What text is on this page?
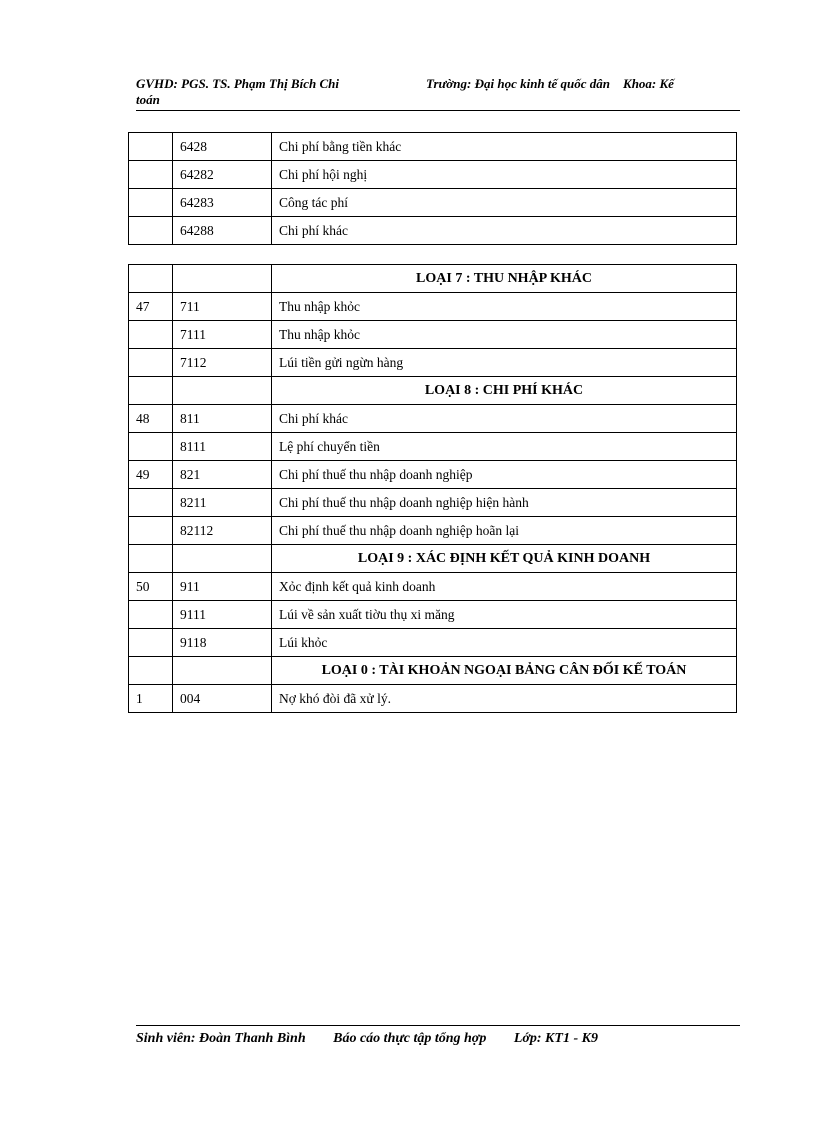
GVHD: PGS. TS. Phạm Thị Bích Chi	Trường: Đại học kinh tế quốc dân    Khoa: Kế
toán
	6428	Chi phí bằng tiền khác
	64282	Chi phí hội nghị
	64283	Công tác phí
	64288	Chi phí khác
		LOẠI 7 : THU NHẬP KHÁC
47	711	Thu nhập khỏc
	7111	Thu nhập khỏc
	7112	Lúi tiền gửi ngừn hàng
		LOẠI 8 : CHI PHÍ KHÁC
48	811	Chi phí khác
	8111	Lệ phí chuyển tiền
49	821	Chi phí thuế thu nhập doanh nghiệp
	8211	Chi phí thuế thu nhập doanh nghiệp hiện hành
	82112	Chi phí thuế thu nhập doanh nghiệp hoãn lại
		LOẠI 9 : XÁC ĐỊNH KẾT QUẢ KINH DOANH
50	911	Xỏc định kết quả kinh doanh
	9111	Lúi về sản xuất tiờu thụ xi măng
	9118	Lúi khỏc
		LOẠI 0 : TÀI KHOẢN NGOẠI BẢNG CÂN ĐỐI KẾ TOÁN
1	004	Nợ khó đòi đã xử lý.
Sinh viên: Đoàn Thanh Bình Báo cáo thực tập tổng hợp Lớp: KT1 - K9
